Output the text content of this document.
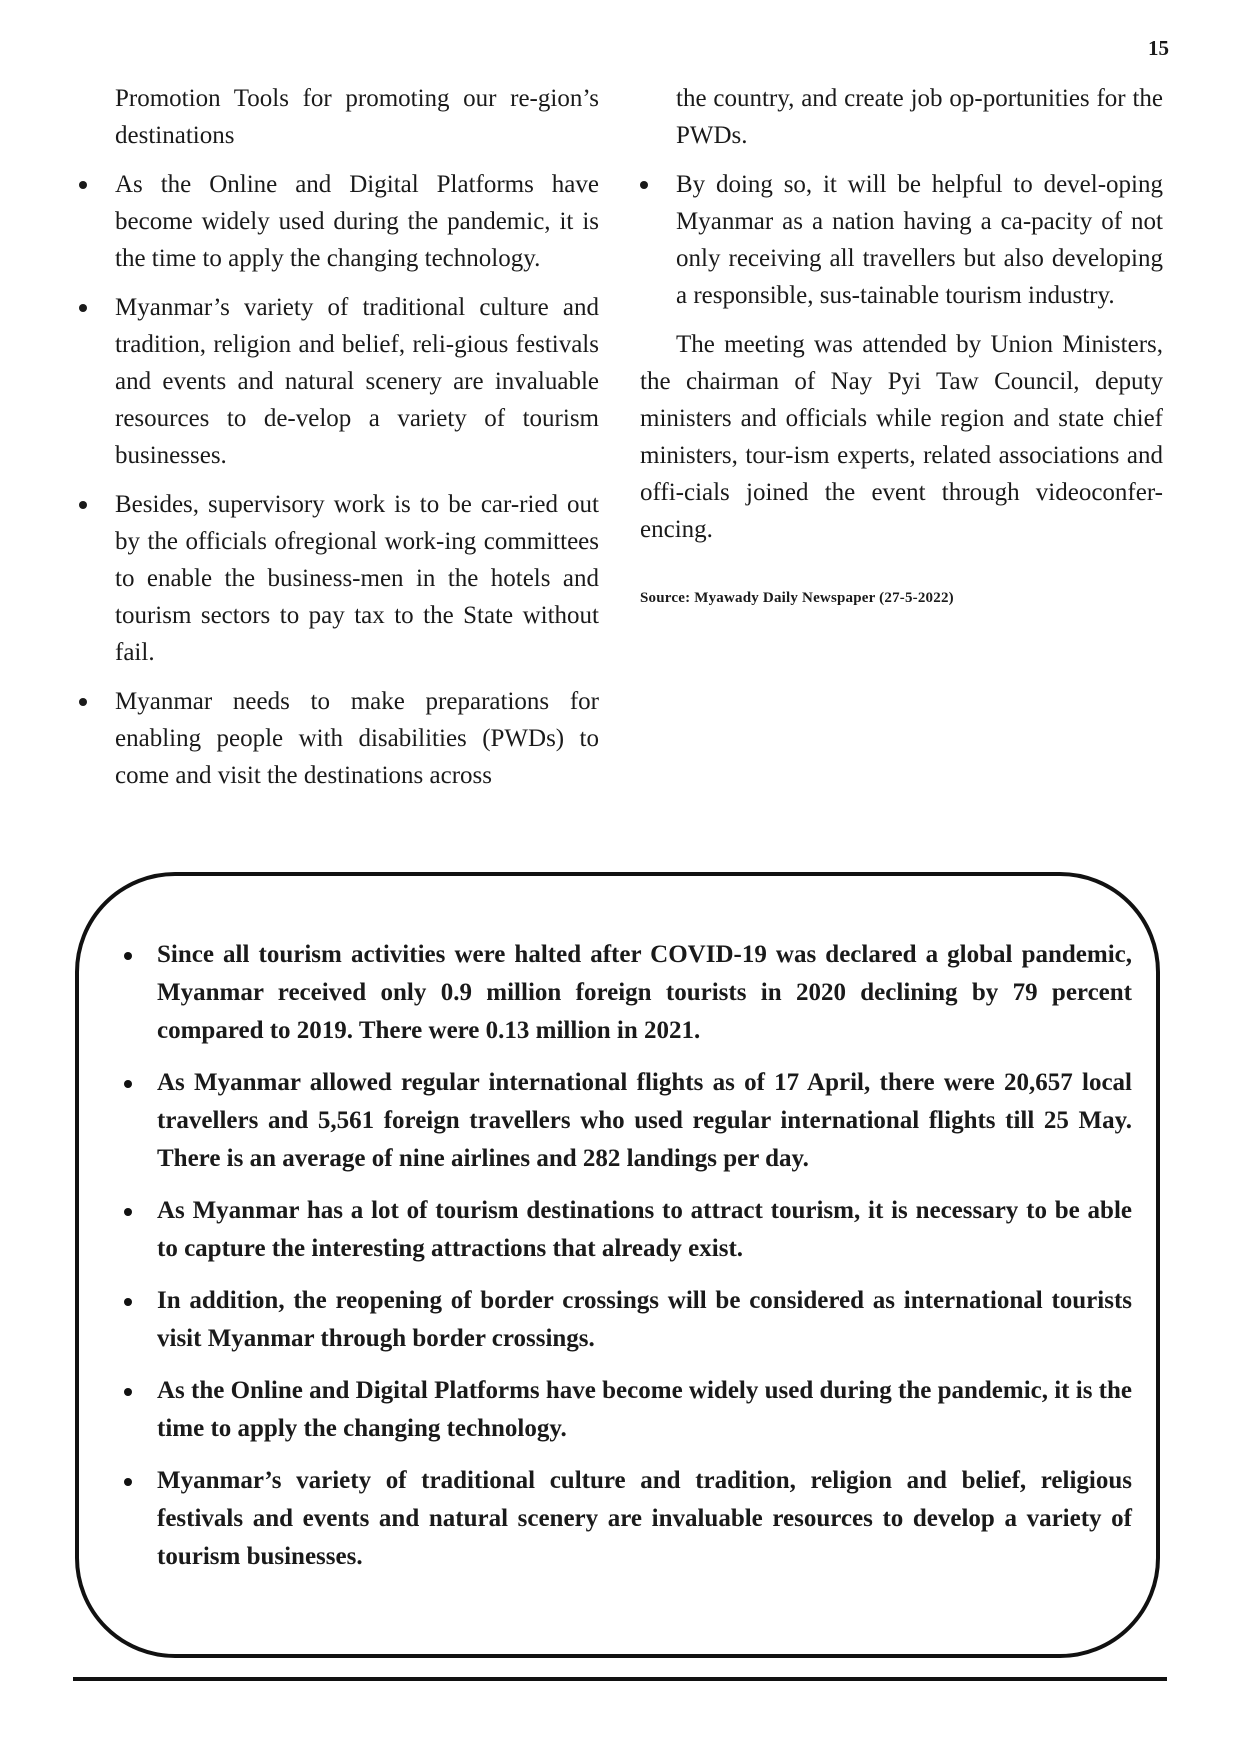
15

Promotion Tools for promoting our re-gion’s destinations

As the Online and Digital Platforms have become widely used during the pandemic, it is the time to apply the changing technology.
Myanmar’s variety of traditional culture and tradition, religion and belief, reli-gious festivals and events and natural scenery are invaluable resources to de-velop a variety of tourism businesses.
Besides, supervisory work is to be car-ried out by the officials ofregional work-ing committees to enable the business-men in the hotels and tourism sectors to pay tax to the State without fail.
Myanmar needs to make preparations for enabling people with disabilities (PWDs) to come and visit the destinations across

the country, and create job op-portunities for the PWDs.

By doing so, it will be helpful to devel-oping Myanmar as a nation having a ca-pacity of not only receiving all travellers but also developing a responsible, sus-tainable tourism industry.

The meeting was attended by Union Ministers, the chairman of Nay Pyi Taw Council, deputy ministers and officials while region and state chief ministers, tour-ism experts, related associations and offi-cials joined the event through videoconfer-encing.

Source: Myawady Daily Newspaper (27-5-2022)

Since all tourism activities were halted after COVID-19 was declared a global pandemic, Myanmar received only 0.9 million foreign tourists in 2020 declining by 79 percent compared to 2019. There were 0.13 million in 2021.
As Myanmar allowed regular international flights as of 17 April, there were 20,657 local travellers and 5,561 foreign travellers who used regular international flights till 25 May. There is an average of nine airlines and 282 landings per day.
As Myanmar has a lot of tourism destinations to attract tourism, it is necessary to be able to capture the interesting attractions that already exist.
In addition, the reopening of border crossings will be considered as international tourists visit Myanmar through border crossings.
As the Online and Digital Platforms have become widely used during the pandemic, it is the time to apply the changing technology.
Myanmar’s variety of traditional culture and tradition, religion and belief, religious festivals and events and natural scenery are invaluable resources to develop a variety of tourism businesses.
